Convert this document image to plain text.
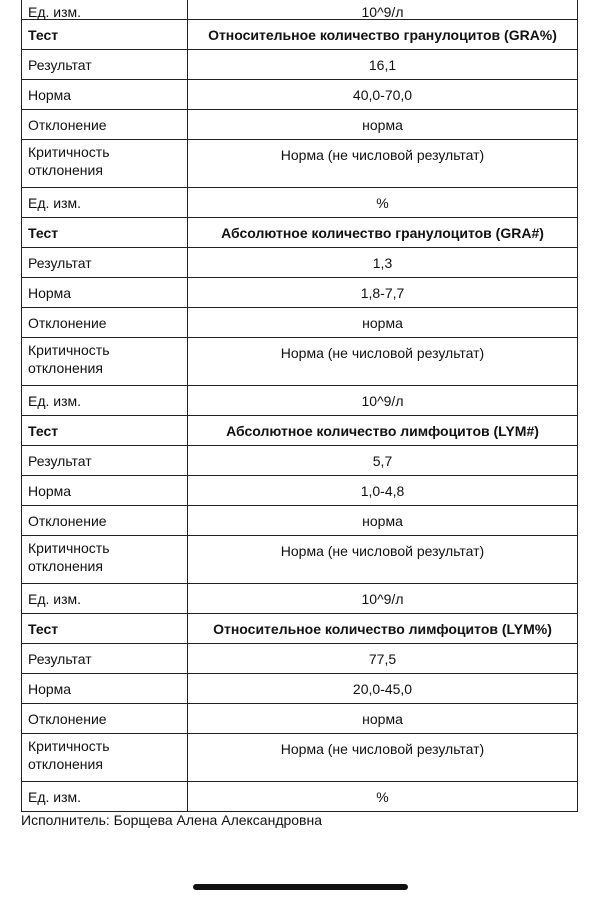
Ед. изм.	10^9/л
Тест	Относительное количество гранулоцитов (GRA%)
Результат	16,1
Норма	40,0-70,0
Отклонение	норма
Критичность отклонения	Норма (не числовой результат)
Ед. изм.	%
Тест	Абсолютное количество гранулоцитов (GRA#)
Результат	1,3
Норма	1,8-7,7
Отклонение	норма
Критичность отклонения	Норма (не числовой результат)
Ед. изм.	10^9/л
Тест	Абсолютное количество лимфоцитов (LYM#)
Результат	5,7
Норма	1,0-4,8
Отклонение	норма
Критичность отклонения	Норма (не числовой результат)
Ед. изм.	10^9/л
Тест	Относительное количество лимфоцитов (LYM%)
Результат	77,5
Норма	20,0-45,0
Отклонение	норма
Критичность отклонения	Норма (не числовой результат)
Ед. изм.	%
Исполнитель: Борщева Алена Александровна
